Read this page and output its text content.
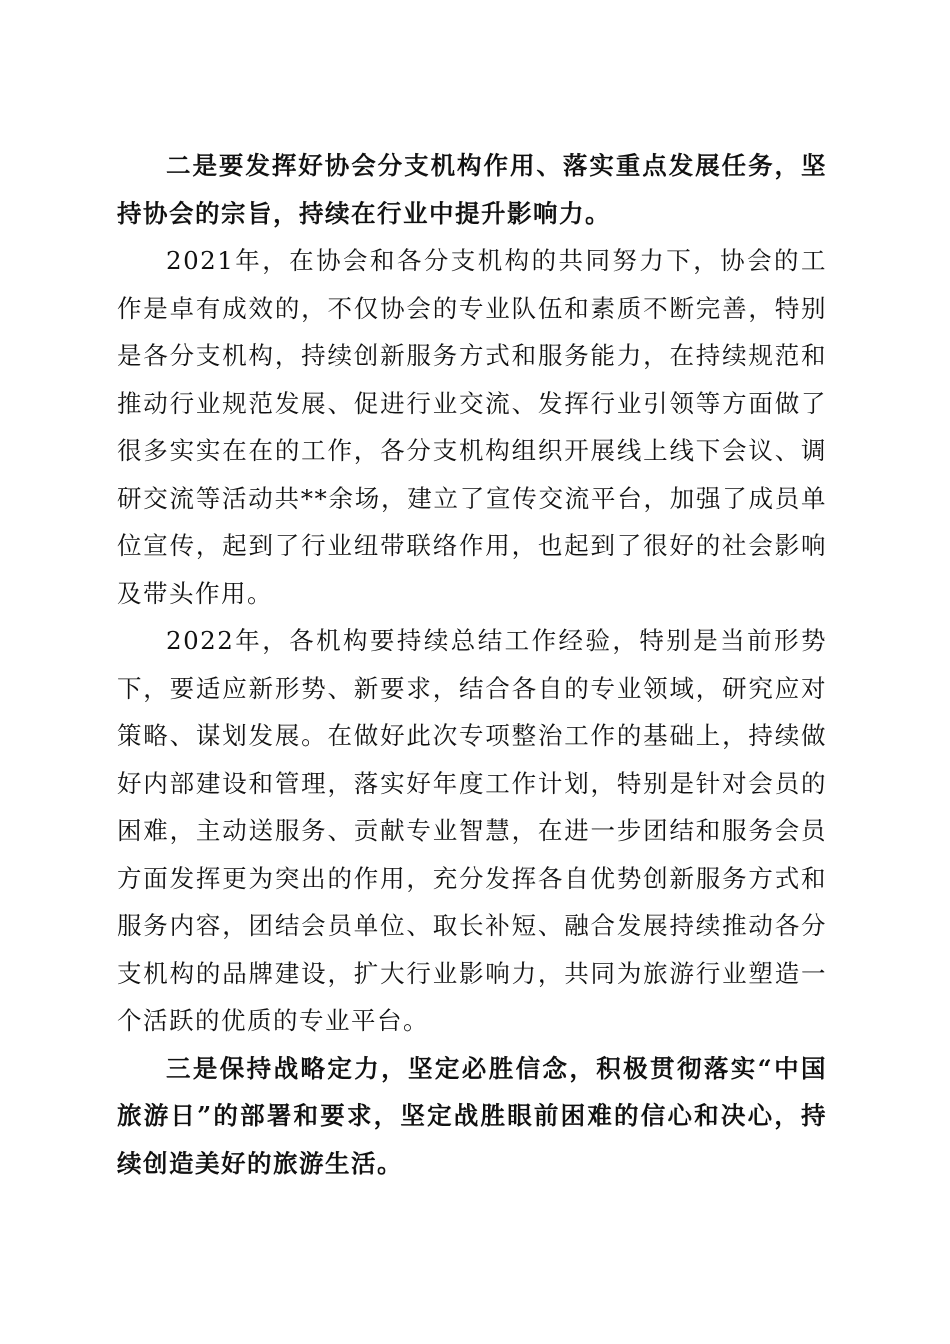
二是要发挥好协会分支机构作用、落实重点发展任务，坚持协会的宗旨，持续在行业中提升影响力。

2021年，在协会和各分支机构的共同努力下，协会的工作是卓有成效的，不仅协会的专业队伍和素质不断完善，特别是各分支机构，持续创新服务方式和服务能力，在持续规范和推动行业规范发展、促进行业交流、发挥行业引领等方面做了很多实实在在的工作，各分支机构组织开展线上线下会议、调研交流等活动共**余场，建立了宣传交流平台，加强了成员单位宣传，起到了行业纽带联络作用，也起到了很好的社会影响及带头作用。

2022年，各机构要持续总结工作经验，特别是当前形势下，要适应新形势、新要求，结合各自的专业领域，研究应对策略、谋划发展。在做好此次专项整治工作的基础上，持续做好内部建设和管理，落实好年度工作计划，特别是针对会员的困难，主动送服务、贡献专业智慧，在进一步团结和服务会员方面发挥更为突出的作用，充分发挥各自优势创新服务方式和服务内容，团结会员单位、取长补短、融合发展持续推动各分支机构的品牌建设，扩大行业影响力，共同为旅游行业塑造一个活跃的优质的专业平台。

三是保持战略定力，坚定必胜信念，积极贯彻落实“中国旅游日”的部署和要求，坚定战胜眼前困难的信心和决心，持续创造美好的旅游生活。
